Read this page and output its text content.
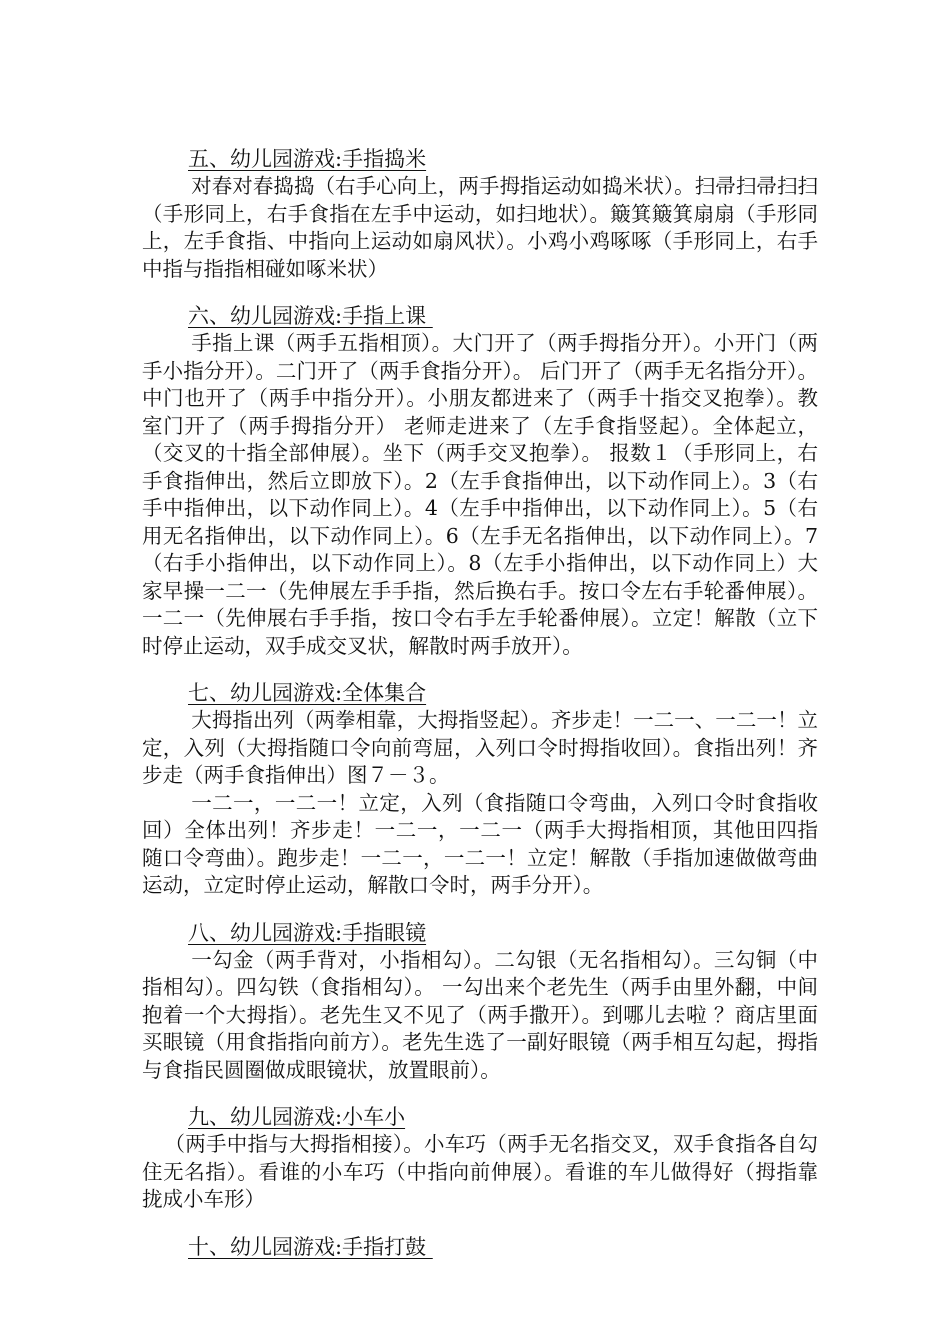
五、幼儿园游戏:手指捣米

对春对春捣捣（右手心向上，两手拇指运动如捣米状）。扫帚扫帚扫扫（手形同上，右手食指在左手中运动，如扫地状）。簸箕簸箕扇扇（手形同上，左手食指、中指向上运动如扇风状）。小鸡小鸡啄啄（手形同上，右手中指与指指相碰如啄米状）

六、幼儿园游戏:手指上课

手指上课（两手五指相顶）。大门开了（两手拇指分开）。小开门（两手小指分开）。二门开了（两手食指分开）。 后门开了（两手无名指分开）。中门也开了（两手中指分开）。小朋友都进来了（两手十指交叉抱拳）。教室门开了（两手拇指分开） 老师走进来了（左手食指竖起）。全体起立，（交叉的十指全部伸展）。坐下（两手交叉抱拳）。 报数１（手形同上，右手食指伸出，然后立即放下）。2（左手食指伸出，以下动作同上）。3（右手中指伸出，以下动作同上）。4（左手中指伸出，以下动作同上）。5（右用无名指伸出，以下动作同上）。6（左手无名指伸出，以下动作同上）。7（右手小指伸出，以下动作同上）。8（左手小指伸出，以下动作同上）大家早操一二一（先伸展左手手指，然后换右手。按口令左右手轮番伸展）。一二一（先伸展右手手指，按口令右手左手轮番伸展）。立定！解散（立下时停止运动，双手成交叉状，解散时两手放开）。

七、幼儿园游戏:全体集合

大拇指出列（两拳相靠，大拇指竖起）。齐步走！一二一、一二一！立定，入列（大拇指随口令向前弯屈，入列口令时拇指收回）。食指出列！齐步走（两手食指伸出）图７－３。

一二一，一二一！立定，入列（食指随口令弯曲，入列口令时食指收回）全体出列！齐步走！一二一，一二一（两手大拇指相顶，其他田四指随口令弯曲）。跑步走！一二一，一二一！立定！解散（手指加速做做弯曲运动，立定时停止运动，解散口令时，两手分开）。

八、幼儿园游戏:手指眼镜

一勾金（两手背对，小指相勾）。二勾银（无名指相勾）。三勾铜（中指相勾）。四勾铁（食指相勾）。 一勾出来个老先生（两手由里外翻，中间抱着一个大拇指）。老先生又不见了（两手撒开）。到哪儿去啦 ？商店里面买眼镜（用食指指向前方）。老先生选了一副好眼镜（两手相互勾起，拇指与食指民圆圈做成眼镜状，放置眼前）。

九、幼儿园游戏:小车小

（两手中指与大拇指相接）。小车巧（两手无名指交叉，双手食指各自勾住无名指）。看谁的小车巧（中指向前伸展）。看谁的车儿做得好（拇指靠拢成小车形）

十、幼儿园游戏:手指打鼓
